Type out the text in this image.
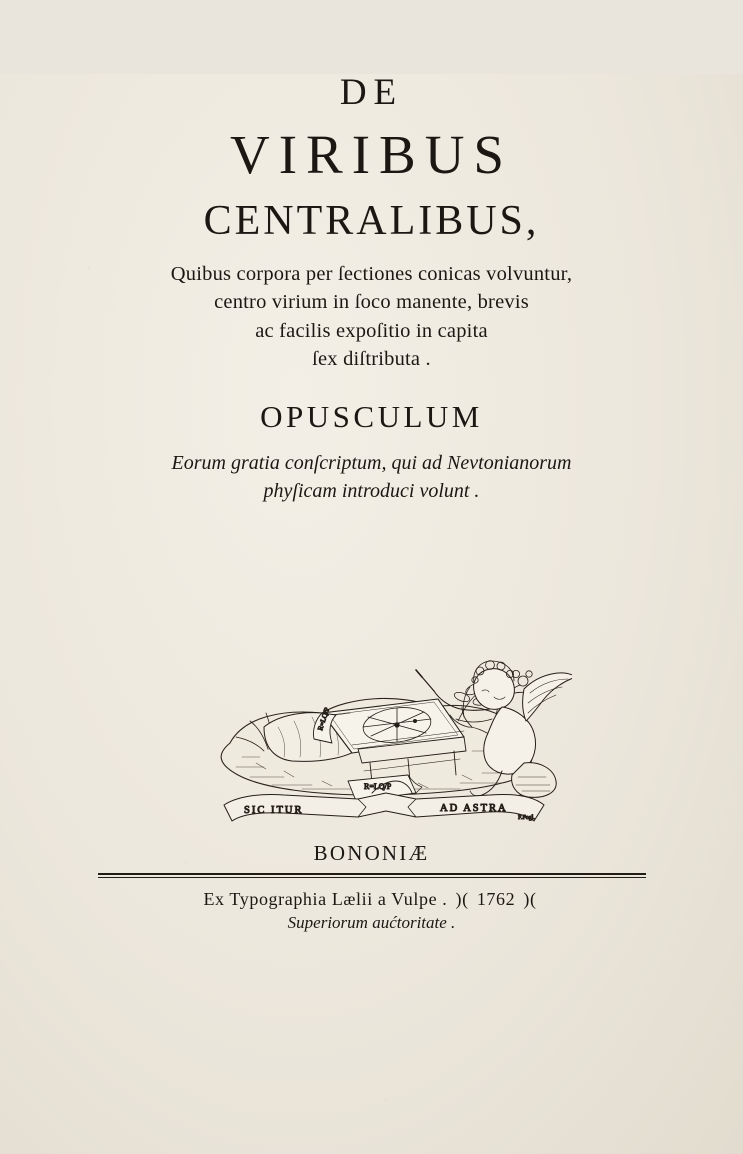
DE
VIRIBUS
CENTRALIBUS,
Quibus corpora per ſectiones conicas volvuntur,
centro virium in ſoco manente, brevis
ac facilis expoſitio in capita
ſex diſtributa .
OPUSCULUM
Eorum gratia conſcriptum, qui ad Nevtonianorum
phyſicam introduci volunt .
R=LQ/P
R=LQ/P
SIC ITUR	AD ASTRA
F.Fogl.
BONONIÆ
Ex Typographia Lælii a Vulpe . )( 1762 )(
Superiorum aućtoritate .
